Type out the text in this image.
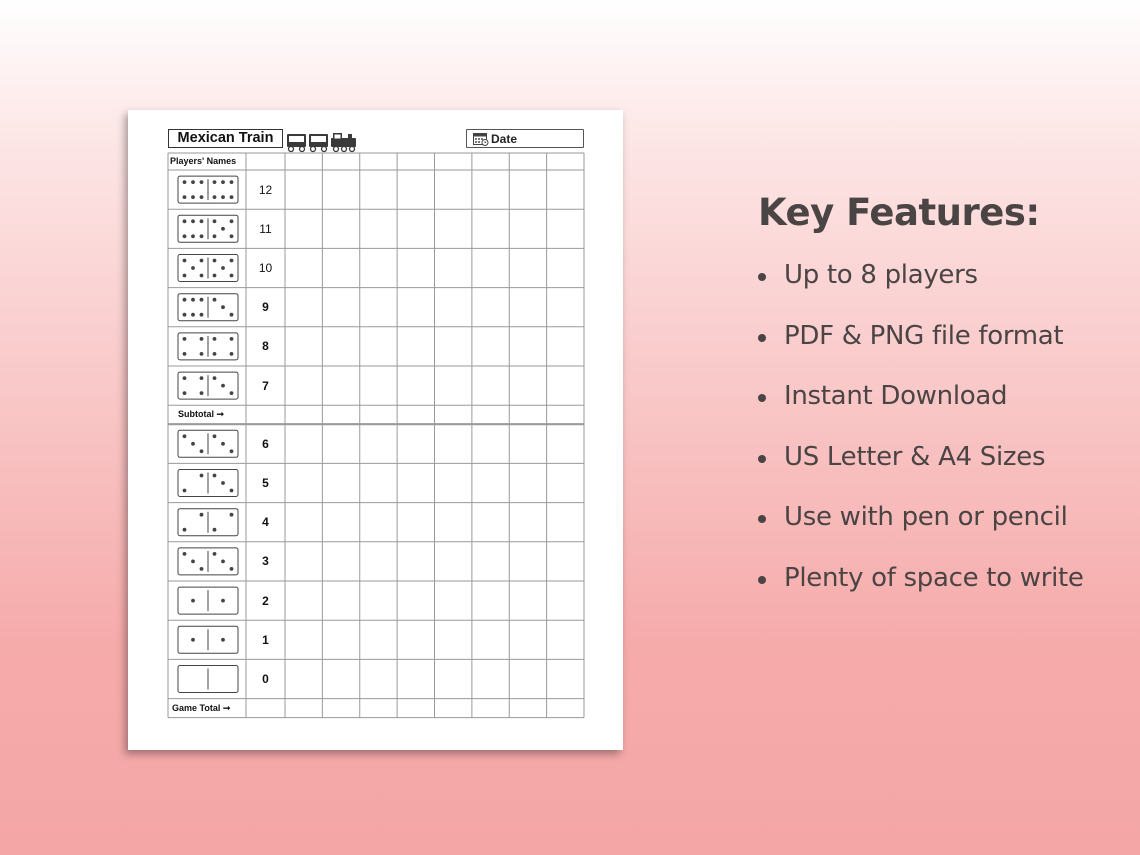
Mexican Train	Date
Players' Names
Subtotal ➞
Game Total ➞
12
11
10
9
8
7
6
5
4
3
2
1
0
Key Features:
Up to 8 players
PDF & PNG file format
Instant Download
US Letter & A4 Sizes
Use with pen or pencil
Plenty of space to write
